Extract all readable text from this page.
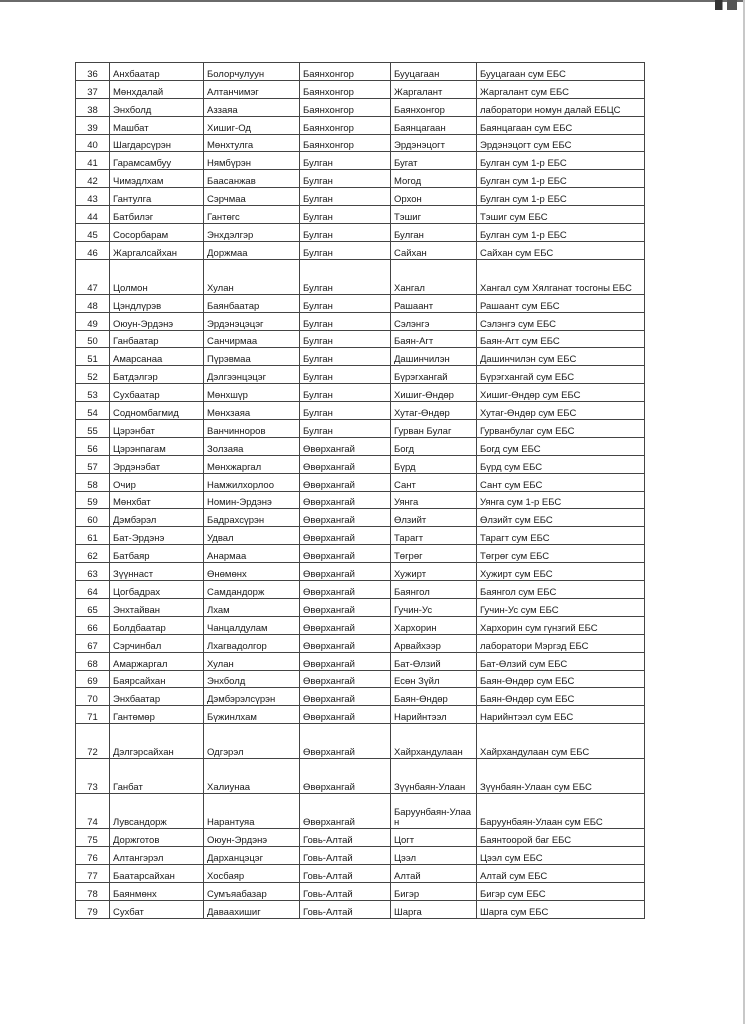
36	Анхбаатар	Болорчулуун	Баянхонгор	Бууцагаан	Бууцагаан сум ЕБС
37	Мөнхдалай	Алтанчимэг	Баянхонгор	Жаргалант	Жаргалант сум ЕБС
38	Энхболд	Аззаяа	Баянхонгор	Баянхонгор	лаборатори номун далай ЕБЦС
39	Машбат	Хишиг-Од	Баянхонгор	Баянцагаан	Баянцагаан сум ЕБС
40	Шагдарсүрэн	Мөнхтулга	Баянхонгор	Эрдэнэцогт	Эрдэнэцогт сум ЕБС
41	Гарамсамбуу	Нямбүрэн	Булган	Бугат	Булган сум 1-р ЕБС
42	Чимэдлхам	Баасанжав	Булган	Могод	Булган сум 1-р ЕБС
43	Гантулга	Сэрчмаа	Булган	Орхон	Булган сум 1-р ЕБС
44	Батбилэг	Гантөгс	Булган	Тэшиг	Тэшиг сум ЕБС
45	Сосорбарам	Энхдэлгэр	Булган	Булган	Булган сум 1-р ЕБС
46	Жаргалсайхан	Доржмаа	Булган	Сайхан	Сайхан сум ЕБС
47	Цолмон	Хулан	Булган	Хангал	Хангал сум Хялганат тосгоны ЕБС
48	Цэндлүрэв	Баянбаатар	Булган	Рашаант	Рашаант сум ЕБС
49	Оюун-Эрдэнэ	Эрдэнэцэцэг	Булган	Сэлэнгэ	Сэлэнгэ сум ЕБС
50	Ганбаатар	Санчирмаа	Булган	Баян-Агт	Баян-Агт сум ЕБС
51	Амарсанаа	Пүрэвмаа	Булган	Дашинчилэн	Дашинчилэн сум ЕБС
52	Батдэлгэр	Дэлгээнцэцэг	Булган	Бүрэгхангай	Бүрэгхангай сум ЕБС
53	Сухбаатар	Мөнхшүр	Булган	Хишиг-Өндөр	Хишиг-Өндөр сум ЕБС
54	Содномбагмид	Мөнхзаяа	Булган	Хутаг-Өндөр	Хутаг-Өндөр сум ЕБС
55	Цэрэнбат	Ванчинноров	Булган	Гурван Булаг	Гурванбулаг сум ЕБС
56	Цэрэнпагам	Золзаяа	Өвөрхангай	Богд	Богд сум ЕБС
57	Эрдэнэбат	Мөнхжаргал	Өвөрхангай	Бүрд	Бүрд сум ЕБС
58	Очир	Намжилхорлоо	Өвөрхангай	Сант	Сант сум ЕБС
59	Мөнхбат	Номин-Эрдэнэ	Өвөрхангай	Уянга	Уянга сум 1-р ЕБС
60	Дэмбэрэл	Бадрахсүрэн	Өвөрхангай	Өлзийт	Өлзийт сум ЕБС
61	Бат-Эрдэнэ	Удвал	Өвөрхангай	Тарагт	Тарагт сум ЕБС
62	Батбаяр	Анармаа	Өвөрхангай	Төгрөг	Төгрөг сум ЕБС
63	Зүүннаст	Өнөмөнх	Өвөрхангай	Хужирт	Хужирт сум ЕБС
64	Цогбадрах	Самдандорж	Өвөрхангай	Баянгол	Баянгол сум ЕБС
65	Энхтайван	Лхам	Өвөрхангай	Гучин-Ус	Гучин-Ус сум ЕБС
66	Болдбаатар	Чанцалдулам	Өвөрхангай	Хархорин	Хархорин сум гүнзгий ЕБС
67	Сэрчинбал	Лхагвадолгор	Өвөрхангай	Арвайхээр	лаборатори Мэргэд ЕБС
68	Амаржаргал	Хулан	Өвөрхангай	Бат-Өлзий	Бат-Өлзий сум ЕБС
69	Баярсайхан	Энхболд	Өвөрхангай	Есөн Зүйл	Баян-Өндөр сум ЕБС
70	Энхбаатар	Дэмбэрэлсүрэн	Өвөрхангай	Баян-Өндөр	Баян-Өндөр сум ЕБС
71	Гантөмөр	Бүжинлхам	Өвөрхангай	Нарийнтээл	Нарийнтээл сум ЕБС
72	Дэлгэрсайхан	Одгэрэл	Өвөрхангай	Хайрхандулаан	Хайрхандулаан сум ЕБС
73	Ганбат	Халиунаа	Өвөрхангай	Зүүнбаян-Улаан	Зүүнбаян-Улаан сум ЕБС
74	Лувсандорж	Нарантуяа	Өвөрхангай	Баруунбаян-Улаан	Баруунбаян-Улаан сум ЕБС
75	Доржготов	Оюун-Эрдэнэ	Говь-Алтай	Цогт	Баянтоорой баг ЕБС
76	Алтангэрэл	Дарханцэцэг	Говь-Алтай	Цээл	Цээл сум ЕБС
77	Баатарсайхан	Хосбаяр	Говь-Алтай	Алтай	Алтай сум ЕБС
78	Баянмөнх	Сумъяабазар	Говь-Алтай	Бигэр	Бигэр сум ЕБС
79	Сухбат	Даваахишиг	Говь-Алтай	Шарга	Шарга сум ЕБС
